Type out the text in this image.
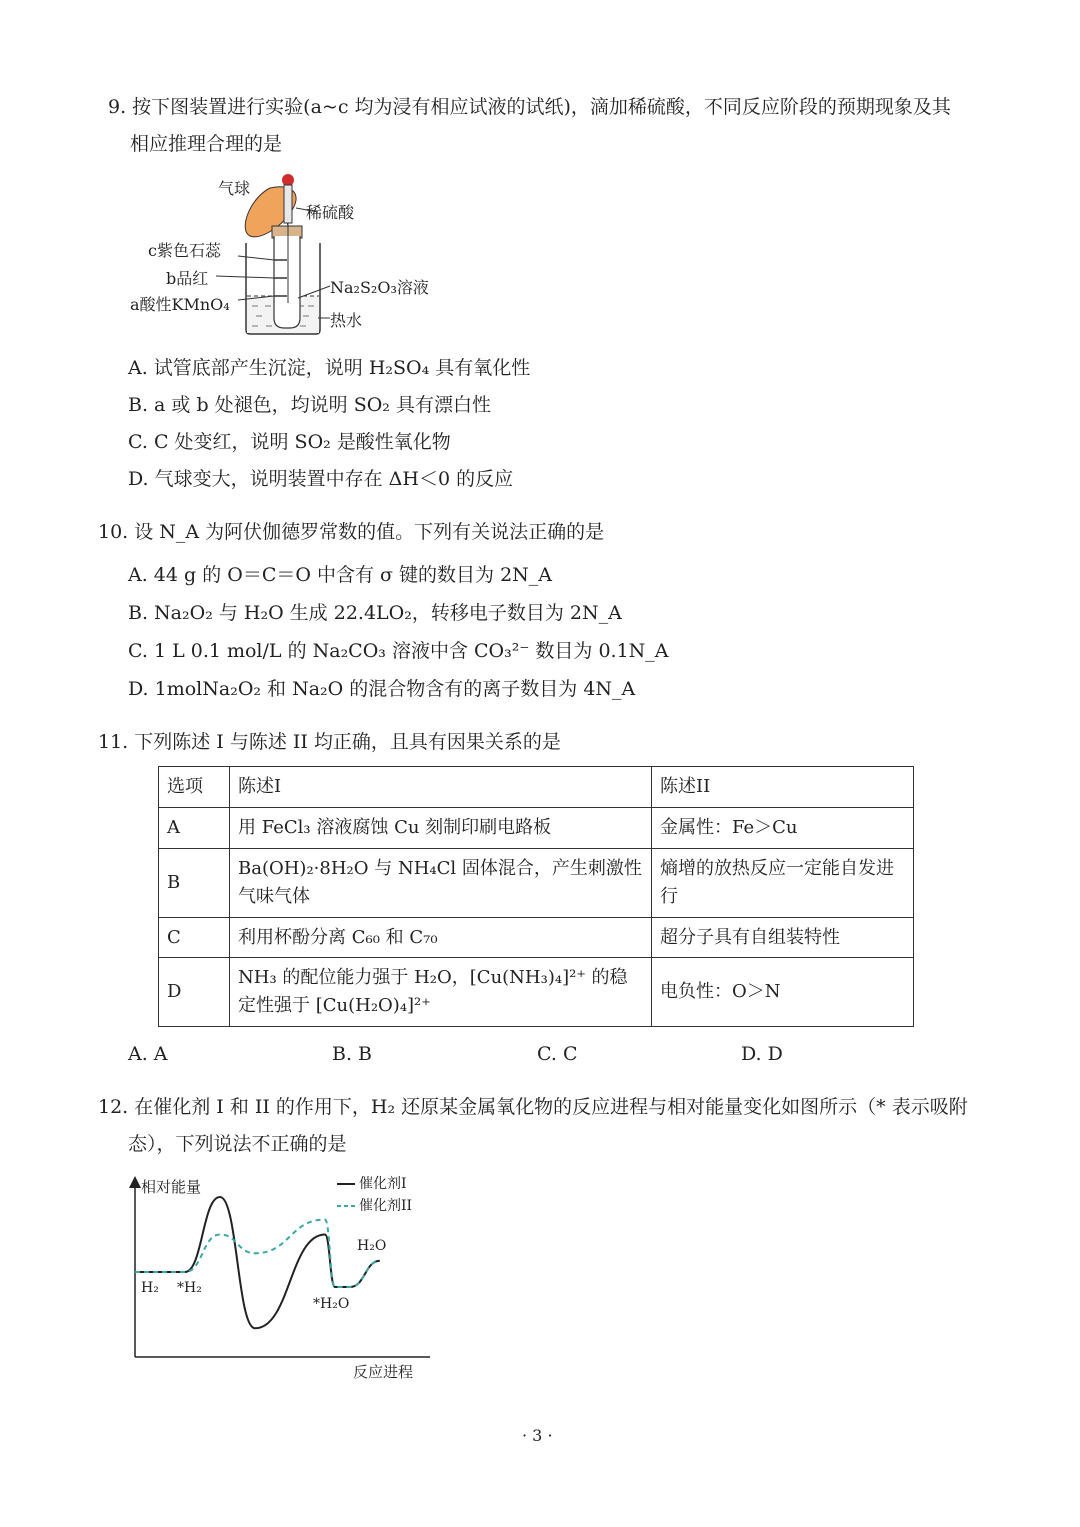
9. 按下图装置进行实验(a~c 均为浸有相应试液的试纸)，滴加稀硫酸，不同反应阶段的预期现象及其
相应推理合理的是
气球
稀硫酸
c紫色石蕊
b品红
a酸性KMnO₄
Na₂S₂O₃溶液
热水
A. 试管底部产生沉淀，说明 H₂SO₄ 具有氧化性
B. a 或 b 处褪色，均说明 SO₂ 具有漂白性
C. C 处变红，说明 SO₂ 是酸性氧化物
D. 气球变大，说明装置中存在 ΔH＜0 的反应
10. 设 N_A 为阿伏伽德罗常数的值。下列有关说法正确的是
A. 44 g 的 O＝C＝O 中含有 σ 键的数目为 2N_A
B. Na₂O₂ 与 H₂O 生成 22.4LO₂，转移电子数目为 2N_A
C. 1 L 0.1 mol/L 的 Na₂CO₃ 溶液中含 CO₃²⁻ 数目为 0.1N_A
D. 1molNa₂O₂ 和 Na₂O 的混合物含有的离子数目为 4N_A
11. 下列陈述 I 与陈述 II 均正确，且具有因果关系的是
选项	陈述I	陈述II
A	用 FeCl₃ 溶液腐蚀 Cu 刻制印刷电路板	金属性：Fe＞Cu
B	Ba(OH)₂·8H₂O 与 NH₄Cl 固体混合，产生刺激性气味气体	熵增的放热反应一定能自发进行
C	利用杯酚分离 C₆₀ 和 C₇₀	超分子具有自组装特性
D	NH₃ 的配位能力强于 H₂O，[Cu(NH₃)₄]²⁺ 的稳定性强于 [Cu(H₂O)₄]²⁺	电负性：O＞N
A. A	B. B	C. C	D. D
12. 在催化剂 I 和 II 的作用下，H₂ 还原某金属氧化物的反应进程与相对能量变化如图所示（* 表示吸附
态），下列说法不正确的是
相对能量
反应进程
催化剂I
催化剂II
H₂ *H₂
*H₂O
H₂O
· 3 ·
